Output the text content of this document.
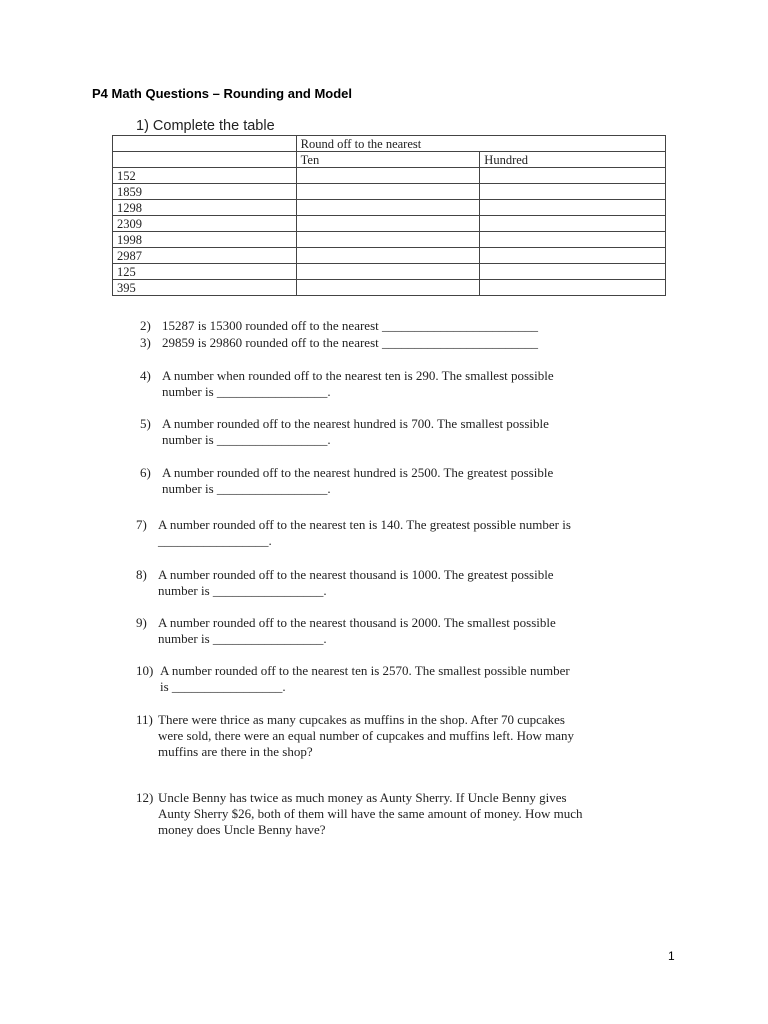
P4 Math Questions – Rounding and Model
1) Complete the table
	Round off to the nearest	
	Ten	Hundred
152		
1859		
1298		
2309		
1998		
2987		
125		
395		
2) 15287 is 15300 rounded off to the nearest ________________________
3) 29859 is 29860 rounded off to the nearest ________________________
4) A number when rounded off to the nearest ten is 290. The smallest possible
number is _________________.
5) A number rounded off to the nearest hundred is 700. The smallest possible
number is _________________.
6) A number rounded off to the nearest hundred is 2500. The greatest possible
number is _________________.
7) A number rounded off to the nearest ten is 140. The greatest possible number is
_________________.
8) A number rounded off to the nearest thousand is 1000. The greatest possible
number is _________________.
9) A number rounded off to the nearest thousand is 2000. The smallest possible
number is _________________.
10) A number rounded off to the nearest ten is 2570. The smallest possible number
is _________________.
11) There were thrice as many cupcakes as muffins in the shop. After 70 cupcakes
were sold, there were an equal number of cupcakes and muffins left. How many
muffins are there in the shop?
12) Uncle Benny has twice as much money as Aunty Sherry. If Uncle Benny gives
Aunty Sherry $26, both of them will have the same amount of money. How much
money does Uncle Benny have?
1
